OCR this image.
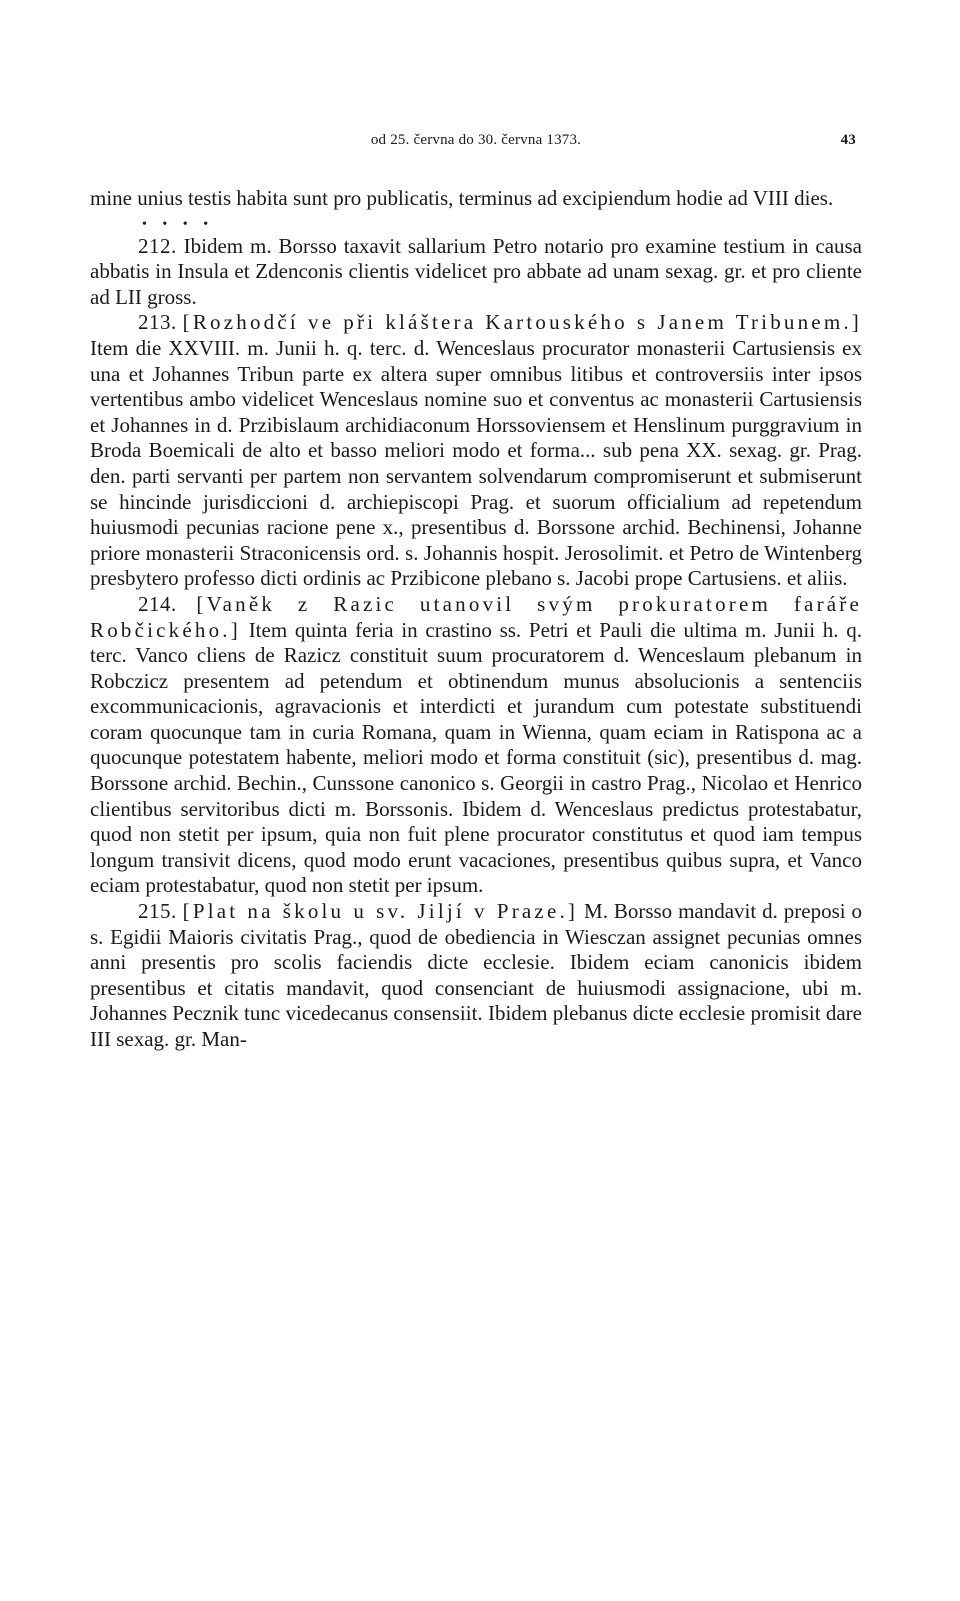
od 25. června do 30. června 1373.	43

mine unius testis habita sunt pro publicatis, terminus ad excipiendum hodie ad VIII dies.

• • • •

212. Ibidem m. Borsso taxavit sallarium Petro notario pro examine testium in causa abbatis in Insula et Zdenconis clientis videlicet pro abbate ad unam sexag. gr. et pro cliente ad LII gross.

213. [Rozhodčí ve při kláštera Kartouského s Janem Tribunem.] Item die XXVIII. m. Junii h. q. terc. d. Wenceslaus procurator monasterii Cartusiensis ex una et Johannes Tribun parte ex altera super omnibus litibus et controversiis inter ipsos vertentibus ambo videlicet Wenceslaus nomine suo et conventus ac monasterii Cartusiensis et Johannes in d. Przibislaum archidiaconum Horssoviensem et Henslinum purggravium in Broda Boemicali de alto et basso meliori modo et forma... sub pena XX. sexag. gr. Prag. den. parti servanti per partem non servantem solvendarum compromiserunt et submiserunt se hincinde jurisdiccioni d. archiepiscopi Prag. et suorum officialium ad repetendum huiusmodi pecunias racione pene x., presentibus d. Borssone archid. Bechinensi, Johanne priore monasterii Straconicensis ord. s. Johannis hospit. Jerosolimit. et Petro de Wintenberg presbytero professo dicti ordinis ac Przibicone plebano s. Jacobi prope Cartusiens. et aliis.

214. [Vaněk z Razic utanovil svým prokuratorem faráře Robčického.] Item quinta feria in crastino ss. Petri et Pauli die ultima m. Junii h. q. terc. Vanco cliens de Razicz constituit suum procuratorem d. Wenceslaum plebanum in Robczicz presentem ad petendum et obtinendum munus absolucionis a sentenciis excommunicacionis, agravacionis et interdicti et jurandum cum potestate substituendi coram quocunque tam in curia Romana, quam in Wienna, quam eciam in Ratispona ac a quocunque potestatem habente, meliori modo et forma constituit (sic), presentibus d. mag. Borssone archid. Bechin., Cunssone canonico s. Georgii in castro Prag., Nicolao et Henrico clientibus servitoribus dicti m. Borssonis. Ibidem d. Wenceslaus predictus protestabatur, quod non stetit per ipsum, quia non fuit plene procurator constitutus et quod iam tempus longum transivit dicens, quod modo erunt vacaciones, presentibus quibus supra, et Vanco eciam protestabatur, quod non stetit per ipsum.

215. [Plat na školu u sv. Jiljí v Praze.] M. Borsso mandavit d. preposi o s. Egidii Maioris civitatis Prag., quod de obediencia in Wiesczan assignet pecunias omnes anni presentis pro scolis faciendis dicte ecclesie. Ibidem eciam canonicis ibidem presentibus et citatis mandavit, quod consenciant de huiusmodi assignacione, ubi m. Johannes Pecznik tunc vicedecanus consensiit. Ibidem plebanus dicte ecclesie promisit dare III sexag. gr. Man-
